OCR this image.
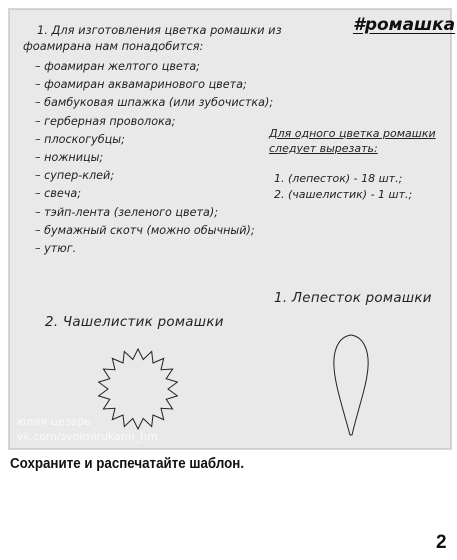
#ромашка
1. Для изготовления цветка ромашки из
фоамирана нам понадобится:
– фоамиран желтого цвета;
– фоамиран аквамаринового цвета;
– бамбуковая шпажка (или зубочистка);
– герберная проволока;
– плоскогубцы;
– ножницы;
– супер-клей;
– свеча;
– тэйп-лента (зеленого цвета);
– бумажный скотч (можно обычный);
– утюг.
Для одного цветка ромашки
следует вырезать:
1. (лепесток) - 18 шт.;
2. (чашелистик) - 1 шт.;
1. Лепесток ромашки
2. Чашелистик ромашки
юлия цезарь
vk.com/svoimirukami_hm
Сохраните и распечатайте шаблон.
2
